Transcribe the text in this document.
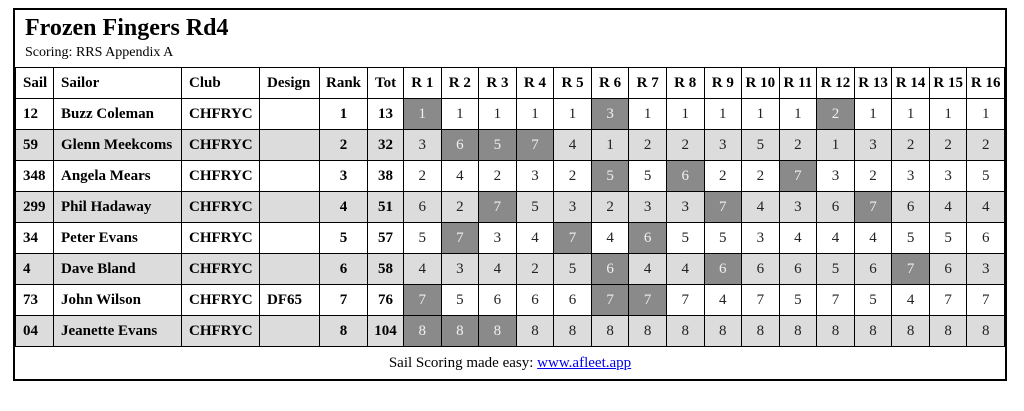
Frozen Fingers Rd4
Scoring: RRS Appendix A
Sail	Sailor	Club	Design	Rank	Tot	R 1	R 2	R 3	R 4	R 5	R 6	R 7	R 8	R 9	R 10	R 11	R 12	R 13	R 14	R 15	R 16
12	Buzz Coleman	CHFRYC		1	13	1	1	1	1	1	3	1	1	1	1	1	2	1	1	1	1
59	Glenn Meekcoms	CHFRYC		2	32	3	6	5	7	4	1	2	2	3	5	2	1	3	2	2	2
348	Angela Mears	CHFRYC		3	38	2	4	2	3	2	5	5	6	2	2	7	3	2	3	3	5
299	Phil Hadaway	CHFRYC		4	51	6	2	7	5	3	2	3	3	7	4	3	6	7	6	4	4
34	Peter Evans	CHFRYC		5	57	5	7	3	4	7	4	6	5	5	3	4	4	4	5	5	6
4	Dave Bland	CHFRYC		6	58	4	3	4	2	5	6	4	4	6	6	6	5	6	7	6	3
73	John Wilson	CHFRYC	DF65	7	76	7	5	6	6	6	7	7	7	4	7	5	7	5	4	7	7
04	Jeanette Evans	CHFRYC		8	104	8	8	8	8	8	8	8	8	8	8	8	8	8	8	8	8
Sail Scoring made easy: www.afleet.app
